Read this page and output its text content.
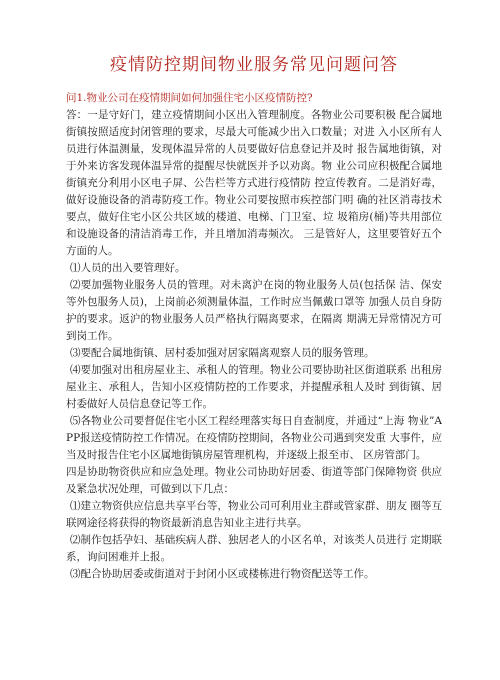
疫情防控期间物业服务常见问题问答

问1.物业公司在疫情期间如何加强住宅小区疫情防控?

答：一是守好门，建立疫情期间小区出入管理制度。各物业公司要积极 配合属地街镇按照适度封闭管理的要求，尽最大可能减少出入口数量；对进 入小区所有人员进行体温测量，发现体温异常的人员要做好信息登记并及时 报告属地街镇，对于外来访客发现体温异常的提醒尽快就医并予以劝离。物 业公司应积极配合属地街镇充分利用小区电子屏、公告栏等方式进行疫情防 控宣传教育。二是消好毒，做好设施设备的消毒防疫工作。物业公司要按照市疾控部门明 确的社区消毒技术要点，做好住宅小区公共区域的楼道、电梯、门卫室、垃 圾箱房(桶)等共用部位和设施设备的清洁消毒工作，并且增加消毒频次。 三是管好人，这里要管好五个方面的人。

⑴人员的出入要管理好。

⑵要加强物业服务人员的管理。对未离沪在岗的物业服务人员(包括保 洁、保安等外包服务人员)，上岗前必须测量体温，工作时应当佩戴口罩等 加强人员自身防护的要求。返沪的物业服务人员严格执行隔离要求，在隔离 期满无异常情况方可到岗工作。

⑶要配合属地街镇、居村委加强对居家隔离观察人员的服务管理。

⑷要加强对出租房屋业主、承租人的管理。物业公司要协助社区街道联系 出租房屋业主、承租人，告知小区疫情防控的工作要求，并提醒承租人及时 到街镇、居村委做好人员信息登记等工作。

⑸各物业公司要督促住宅小区工程经理落实每日自查制度，并通过“上海 物业”APP报送疫情防控工作情况。在疫情防控期间，各物业公司遇到突发重 大事件，应当及时报告住宅小区属地街镇房屋管理机构，并逐级上报至市、 区房管部门。

四是协助物资供应和应急处理。物业公司协助好居委、街道等部门保障物资 供应及紧急状况处理，可做到以下几点：

⑴建立物资供应信息共享平台等，物业公司可利用业主群或管家群、朋友 圈等互联网途径将获得的物资最新消息告知业主进行共享。

⑵制作包括孕妇、基础疾病人群、独居老人的小区名单，对该类人员进行 定期联系，询问困难并上报。

⑶配合协助居委或街道对于封闭小区或楼栋进行物资配送等工作。
